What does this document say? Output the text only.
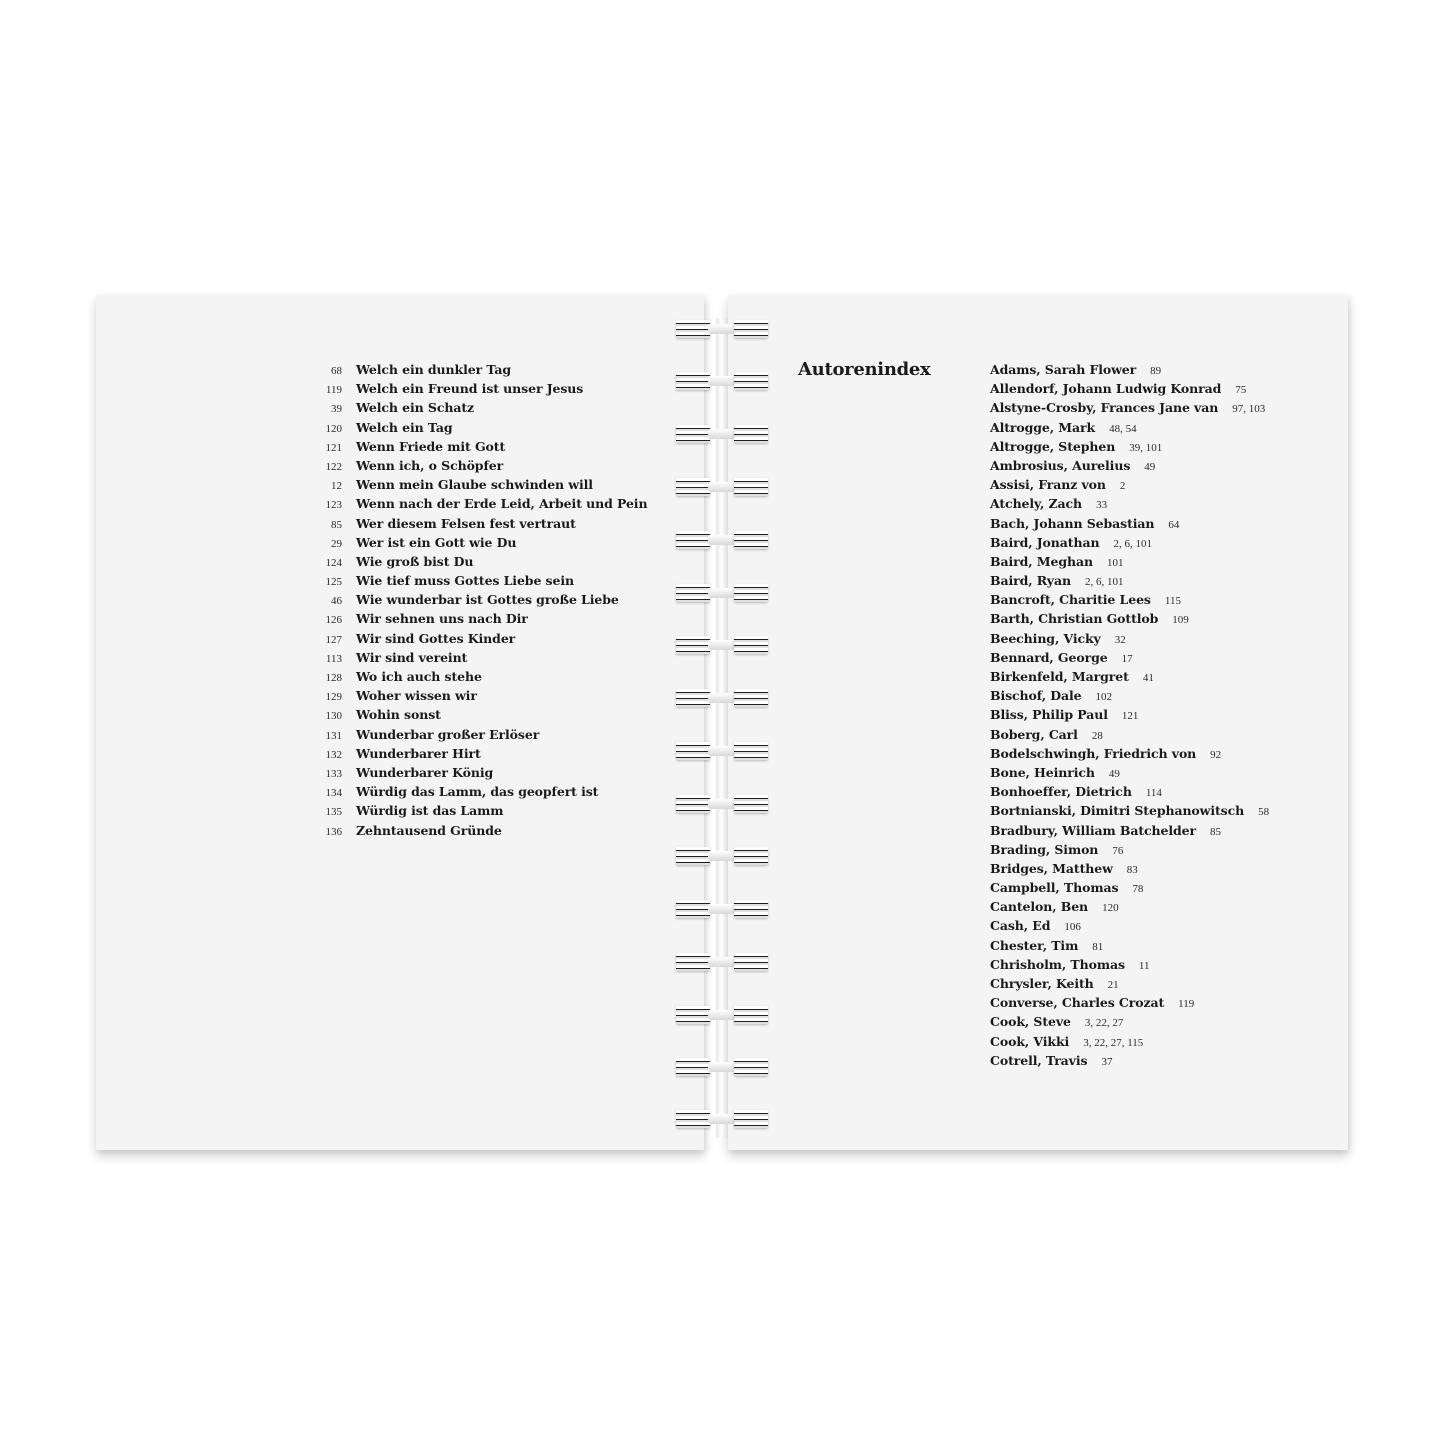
68 Welch ein dunkler Tag
119 Welch ein Freund ist unser Jesus
39 Welch ein Schatz
120 Welch ein Tag
121 Wenn Friede mit Gott
122 Wenn ich, o Schöpfer
12 Wenn mein Glaube schwinden will
123 Wenn nach der Erde Leid, Arbeit und Pein
85 Wer diesem Felsen fest vertraut
29 Wer ist ein Gott wie Du
124 Wie groß bist Du
125 Wie tief muss Gottes Liebe sein
46 Wie wunderbar ist Gottes große Liebe
126 Wir sehnen uns nach Dir
127 Wir sind Gottes Kinder
113 Wir sind vereint
128 Wo ich auch stehe
129 Woher wissen wir
130 Wohin sonst
131 Wunderbar großer Erlöser
132 Wunderbarer Hirt
133 Wunderbarer König
134 Würdig das Lamm, das geopfert ist
135 Würdig ist das Lamm
136 Zehntausend Gründe
Autorenindex	Adams, Sarah Flower 89
Allendorf, Johann Ludwig Konrad 75
Alstyne-Crosby, Frances Jane van 97, 103
Altrogge, Mark 48, 54
Altrogge, Stephen 39, 101
Ambrosius, Aurelius 49
Assisi, Franz von 2
Atchely, Zach 33
Bach, Johann Sebastian 64
Baird, Jonathan 2, 6, 101
Baird, Meghan 101
Baird, Ryan 2, 6, 101
Bancroft, Charitie Lees 115
Barth, Christian Gottlob 109
Beeching, Vicky 32
Bennard, George 17
Birkenfeld, Margret 41
Bischof, Dale 102
Bliss, Philip Paul 121
Boberg, Carl 28
Bodelschwingh, Friedrich von 92
Bone, Heinrich 49
Bonhoeffer, Dietrich 114
Bortnianski, Dimitri Stephanowitsch 58
Bradbury, William Batchelder 85
Brading, Simon 76
Bridges, Matthew 83
Campbell, Thomas 78
Cantelon, Ben 120
Cash, Ed 106
Chester, Tim 81
Chrisholm, Thomas 11
Chrysler, Keith 21
Converse, Charles Crozat 119
Cook, Steve 3, 22, 27
Cook, Vikki 3, 22, 27, 115
Cotrell, Travis 37
